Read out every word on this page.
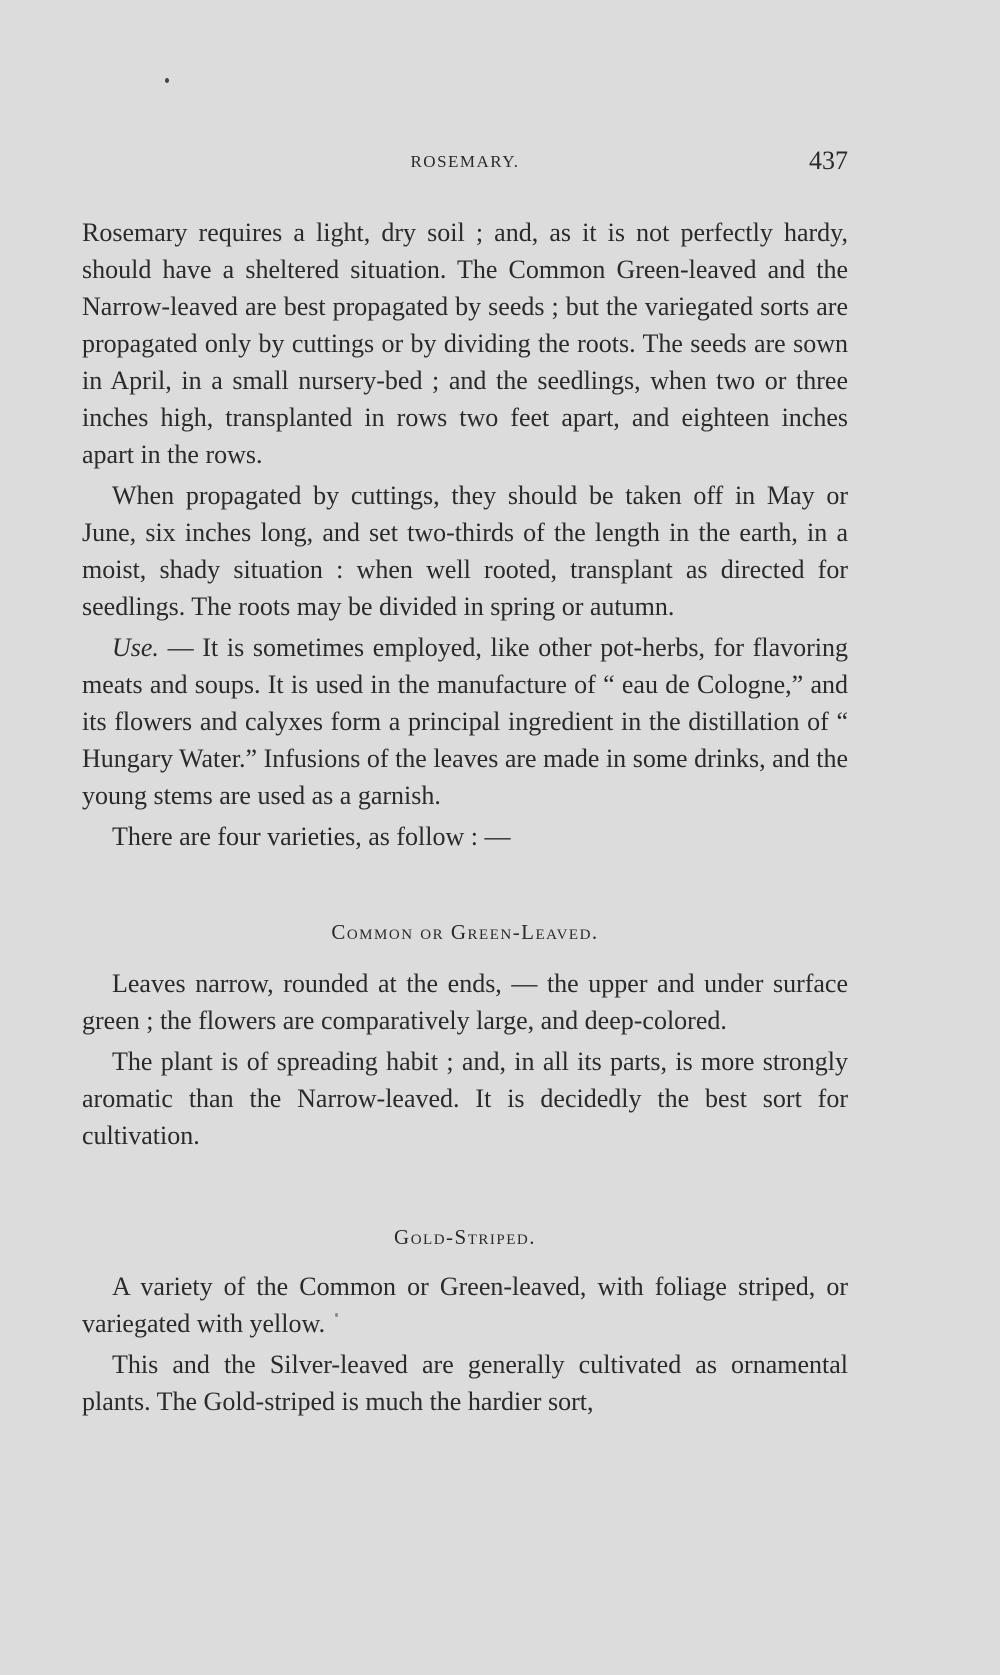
ROSEMARY.	437

Rosemary requires a light, dry soil ; and, as it is not perfectly hardy, should have a sheltered situation. The Common Green-leaved and the Narrow-leaved are best propagated by seeds ; but the variegated sorts are propagated only by cuttings or by dividing the roots. The seeds are sown in April, in a small nursery-bed ; and the seedlings, when two or three inches high, transplanted in rows two feet apart, and eighteen inches apart in the rows.

When propagated by cuttings, they should be taken off in May or June, six inches long, and set two-thirds of the length in the earth, in a moist, shady situation : when well rooted, transplant as directed for seedlings. The roots may be divided in spring or autumn.

Use. — It is sometimes employed, like other pot-herbs, for flavoring meats and soups. It is used in the manufacture of “ eau de Cologne,” and its flowers and calyxes form a principal ingredient in the distillation of “ Hungary Water.” Infusions of the leaves are made in some drinks, and the young stems are used as a garnish.

There are four varieties, as follow : —

Common or Green-Leaved.

Leaves narrow, rounded at the ends, — the upper and under surface green ; the flowers are comparatively large, and deep-colored.

The plant is of spreading habit ; and, in all its parts, is more strongly aromatic than the Narrow-leaved. It is decidedly the best sort for cultivation.

Gold-Striped.

A variety of the Common or Green-leaved, with foliage striped, or variegated with yellow.

This and the Silver-leaved are generally cultivated as ornamental plants. The Gold-striped is much the hardier sort,
